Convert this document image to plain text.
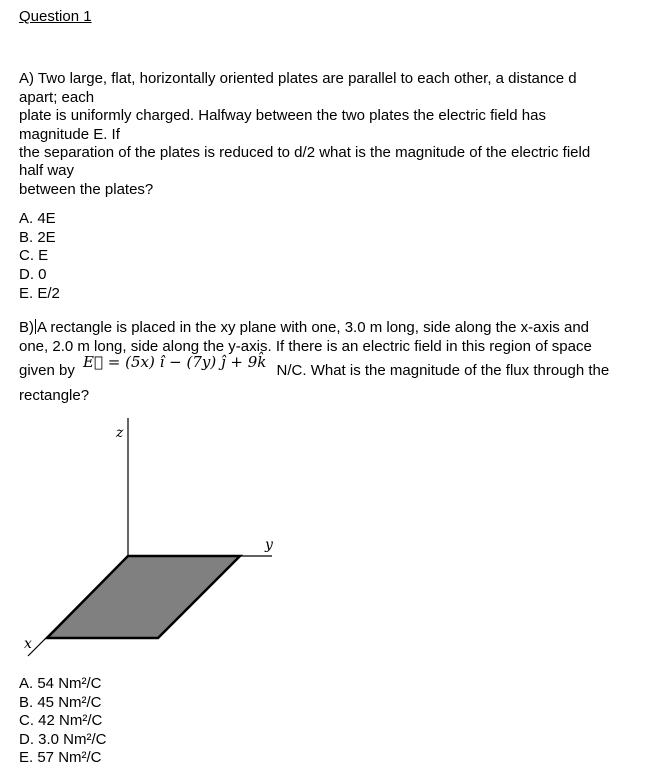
Question 1
A) Two large, flat, horizontally oriented plates are parallel to each other, a distance d
apart; each
plate is uniformly charged. Halfway between the two plates the electric field has
magnitude E. If
the separation of the plates is reduced to d/2 what is the magnitude of the electric field
half way
between the plates?
A. 4E
B. 2E
C. E
D. 0
E. E/2
B) A rectangle is placed in the xy plane with one, 3.0 m long, side along the x-axis and
one, 2.0 m long, side along the y-axis. If there is an electric field in this region of space
given by E⃗ = (5x) î − (7y) ĵ + 9k̂ N/C. What is the magnitude of the flux through the
rectangle?
z
y
x
A. 54 Nm²/C
B. 45 Nm²/C
C. 42 Nm²/C
D. 3.0 Nm²/C
E. 57 Nm²/C
